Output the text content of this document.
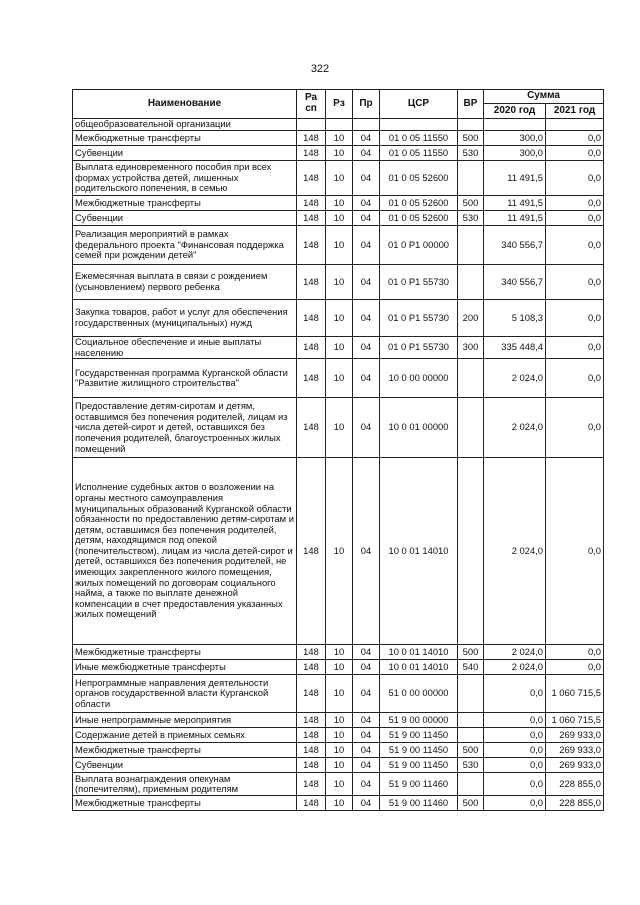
322
Наименование	Ра сп	Рз	Пр	ЦСР	ВР	Сумма	
						2020 год	2021 год
общеобразовательной организации							
Межбюджетные трансферты	148	10	04	01 0 05 11550	500	300,0	0,0
Субвенции	148	10	04	01 0 05 11550	530	300,0	0,0
Выплата единовременного пособия при всех формах устройства детей, лишенных родительского попечения, в семью	148	10	04	01 0 05 52600		11 491,5	0,0
Межбюджетные трансферты	148	10	04	01 0 05 52600	500	11 491,5	0,0
Субвенции	148	10	04	01 0 05 52600	530	11 491,5	0,0
Реализация мероприятий в рамках федерального проекта "Финансовая поддержка семей при рождении детей"	148	10	04	01 0 P1 00000		340 556,7	0,0
Ежемесячная выплата в связи с рождением (усыновлением) первого ребенка	148	10	04	01 0 P1 55730		340 556,7	0,0
Закупка товаров, работ и услуг для обеспечения государственных (муниципальных) нужд	148	10	04	01 0 P1 55730	200	5 108,3	0,0
Социальное обеспечение и иные выплаты населению	148	10	04	01 0 P1 55730	300	335 448,4	0,0
Государственная программа Курганской области "Развитие жилищного строительства"	148	10	04	10 0 00 00000		2 024,0	0,0
Предоставление детям-сиротам и детям, оставшимся без попечения родителей, лицам из числа детей-сирот и детей, оставшихся без попечения родителей, благоустроенных жилых помещений	148	10	04	10 0 01 00000		2 024,0	0,0
Исполнение судебных актов о возложении на органы местного самоуправления муниципальных образований Курганской области обязанности по предоставлению детям-сиротам и детям, оставшимся без попечения родителей, детям, находящимся под опекой (попечительством), лицам из числа детей-сирот и детей, оставшихся без попечения родителей, не имеющих закрепленного жилого помещения, жилых помещений по договорам социального найма, а также по выплате денежной компенсации в счет предоставления указанных жилых помещений	148	10	04	10 0 01 14010		2 024,0	0,0
Межбюджетные трансферты	148	10	04	10 0 01 14010	500	2 024,0	0,0
Иные межбюджетные трансферты	148	10	04	10 0 01 14010	540	2 024,0	0,0
Непрограммные направления деятельности органов государственной власти Курганской области	148	10	04	51 0 00 00000		0,0	1 060 715,5
Иные непрограммные мероприятия	148	10	04	51 9 00 00000		0,0	1 060 715,5
Содержание детей в приемных семьях	148	10	04	51 9 00 11450		0,0	269 933,0
Межбюджетные трансферты	148	10	04	51 9 00 11450	500	0,0	269 933,0
Субвенции	148	10	04	51 9 00 11450	530	0,0	269 933,0
Выплата вознаграждения опекунам (попечителям), приемным родителям	148	10	04	51 9 00 11460		0,0	228 855,0
Межбюджетные трансферты	148	10	04	51 9 00 11460	500	0,0	228 855,0
